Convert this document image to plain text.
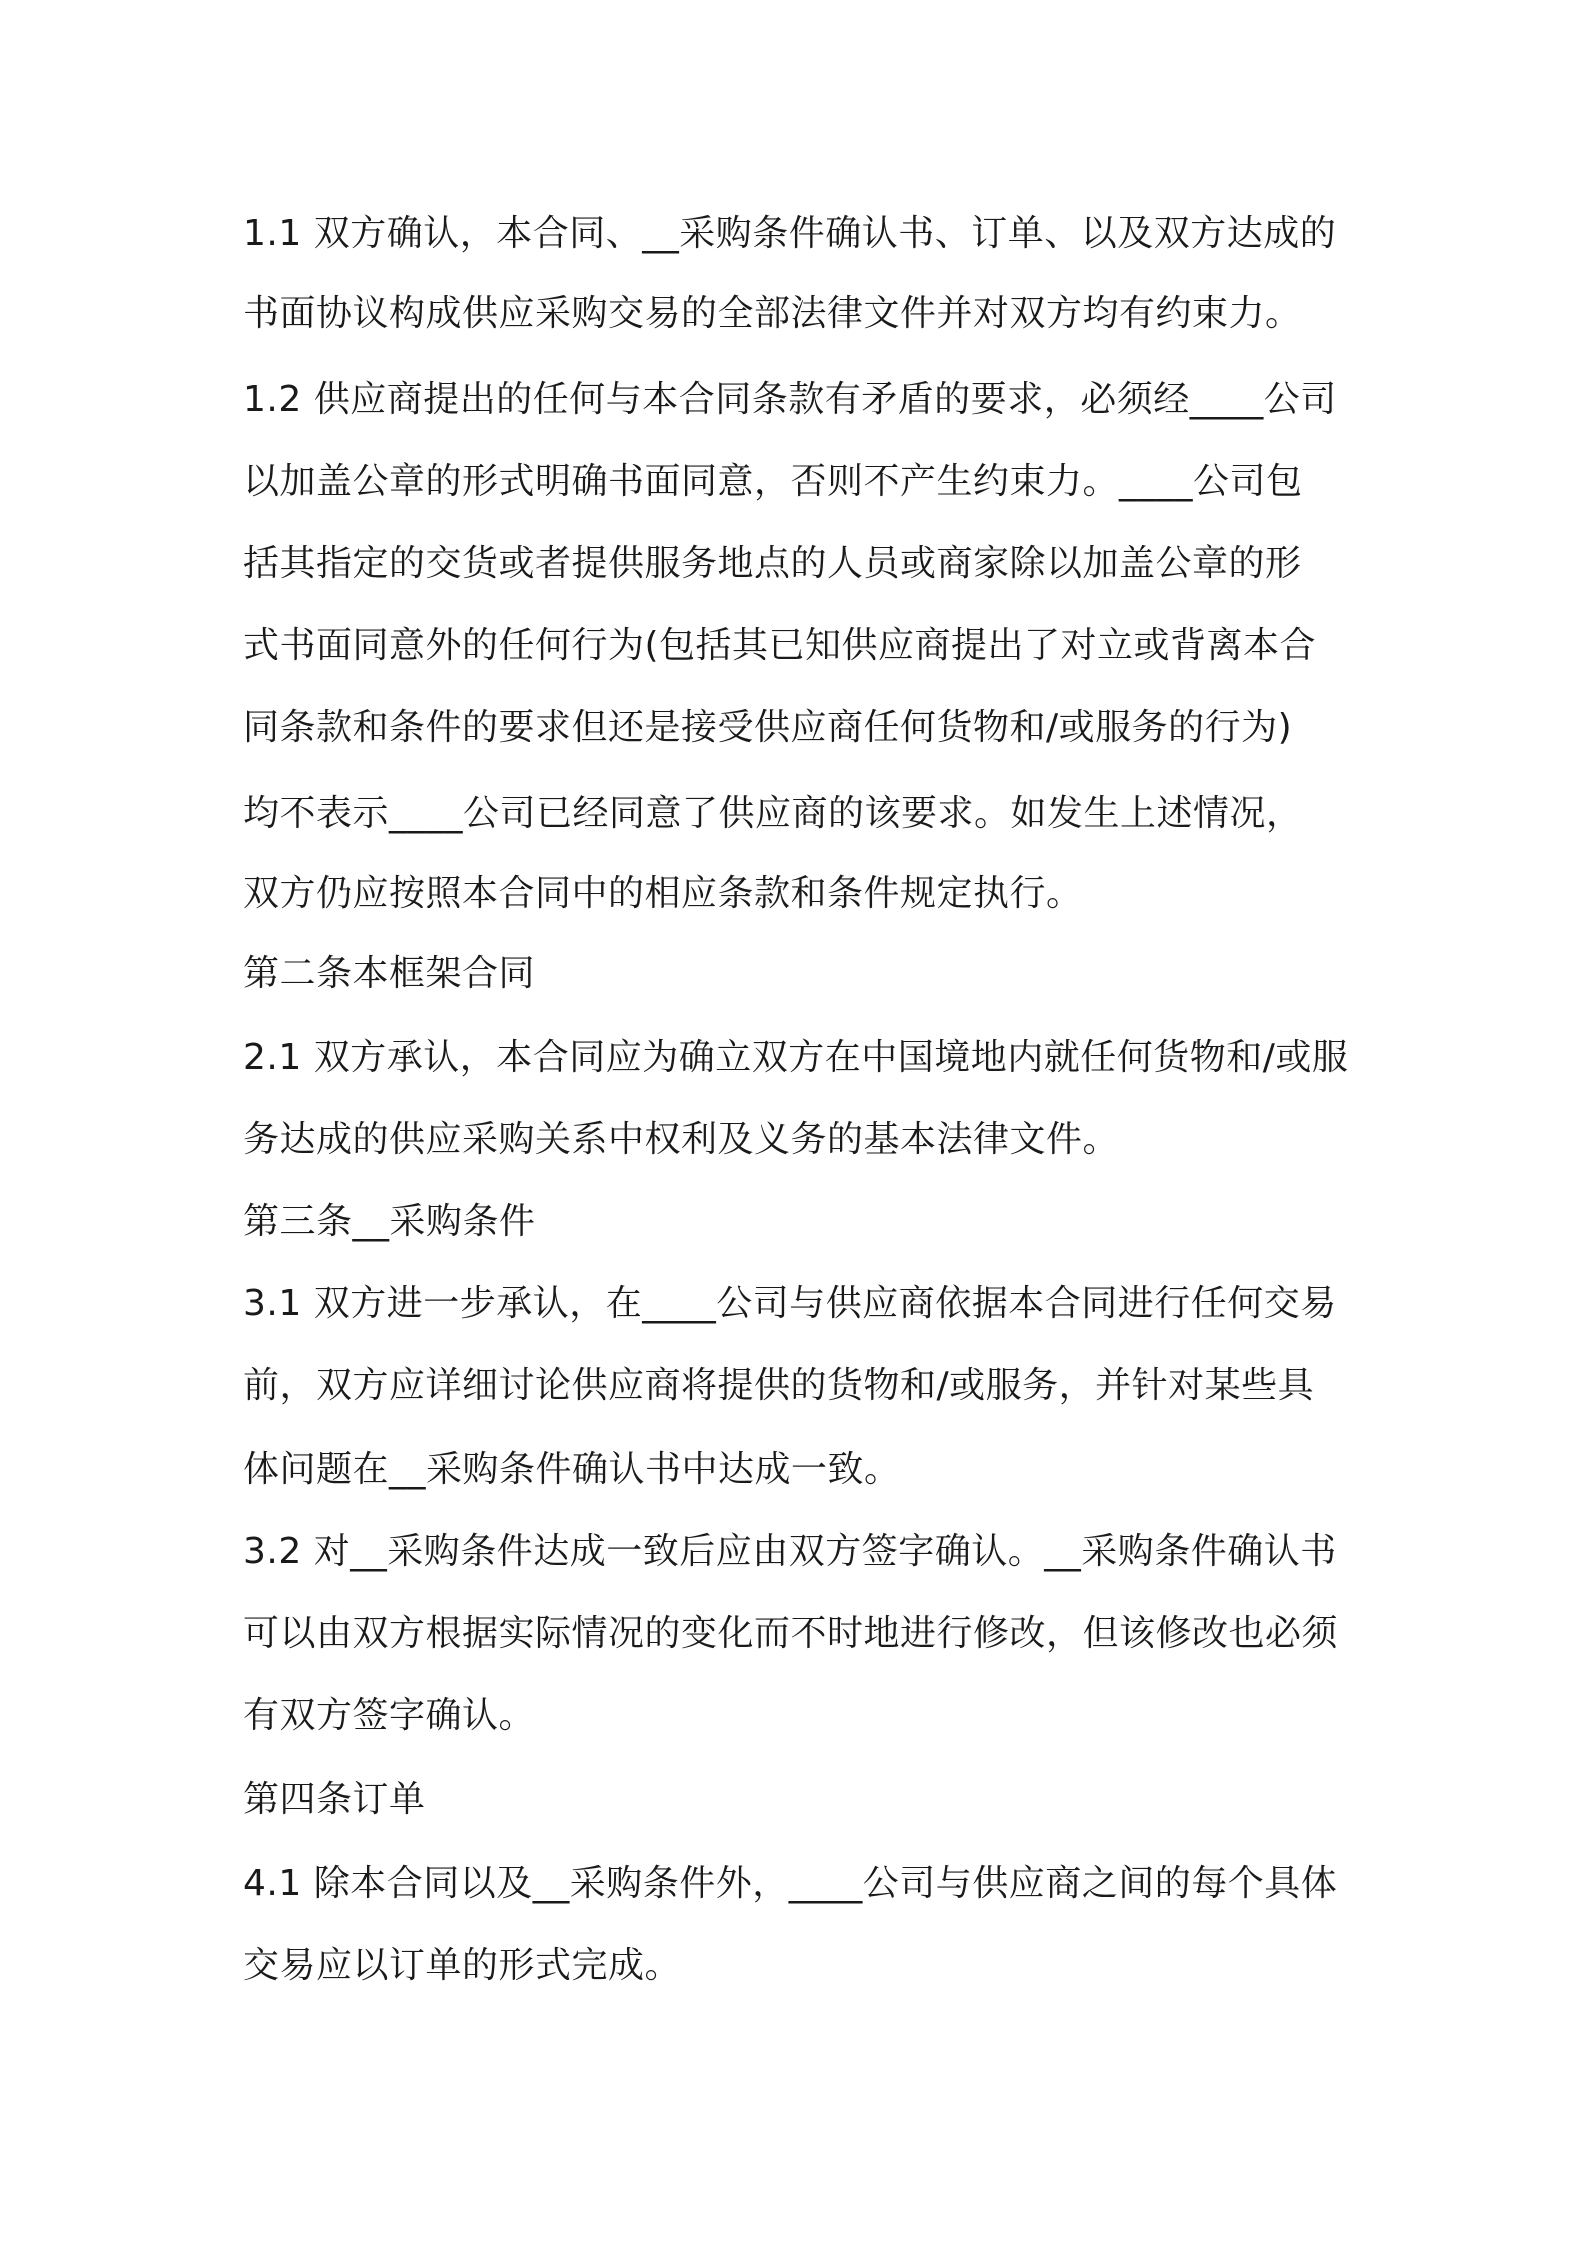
1.1 双方确认，本合同、__采购条件确认书、订单、以及双方达成的
书面协议构成供应采购交易的全部法律文件并对双方均有约束力。
1.2 供应商提出的任何与本合同条款有矛盾的要求，必须经____公司
以加盖公章的形式明确书面同意，否则不产生约束力。____公司包
括其指定的交货或者提供服务地点的人员或商家除以加盖公章的形
式书面同意外的任何行为(包括其已知供应商提出了对立或背离本合
同条款和条件的要求但还是接受供应商任何货物和/或服务的行为)
均不表示____公司已经同意了供应商的该要求。如发生上述情况，
双方仍应按照本合同中的相应条款和条件规定执行。
第二条本框架合同
2.1 双方承认，本合同应为确立双方在中国境地内就任何货物和/或服
务达成的供应采购关系中权利及义务的基本法律文件。
第三条__采购条件
3.1 双方进一步承认，在____公司与供应商依据本合同进行任何交易
前，双方应详细讨论供应商将提供的货物和/或服务，并针对某些具
体问题在__采购条件确认书中达成一致。
3.2 对__采购条件达成一致后应由双方签字确认。__采购条件确认书
可以由双方根据实际情况的变化而不时地进行修改，但该修改也必须
有双方签字确认。
第四条订单
4.1 除本合同以及__采购条件外，____公司与供应商之间的每个具体
交易应以订单的形式完成。
